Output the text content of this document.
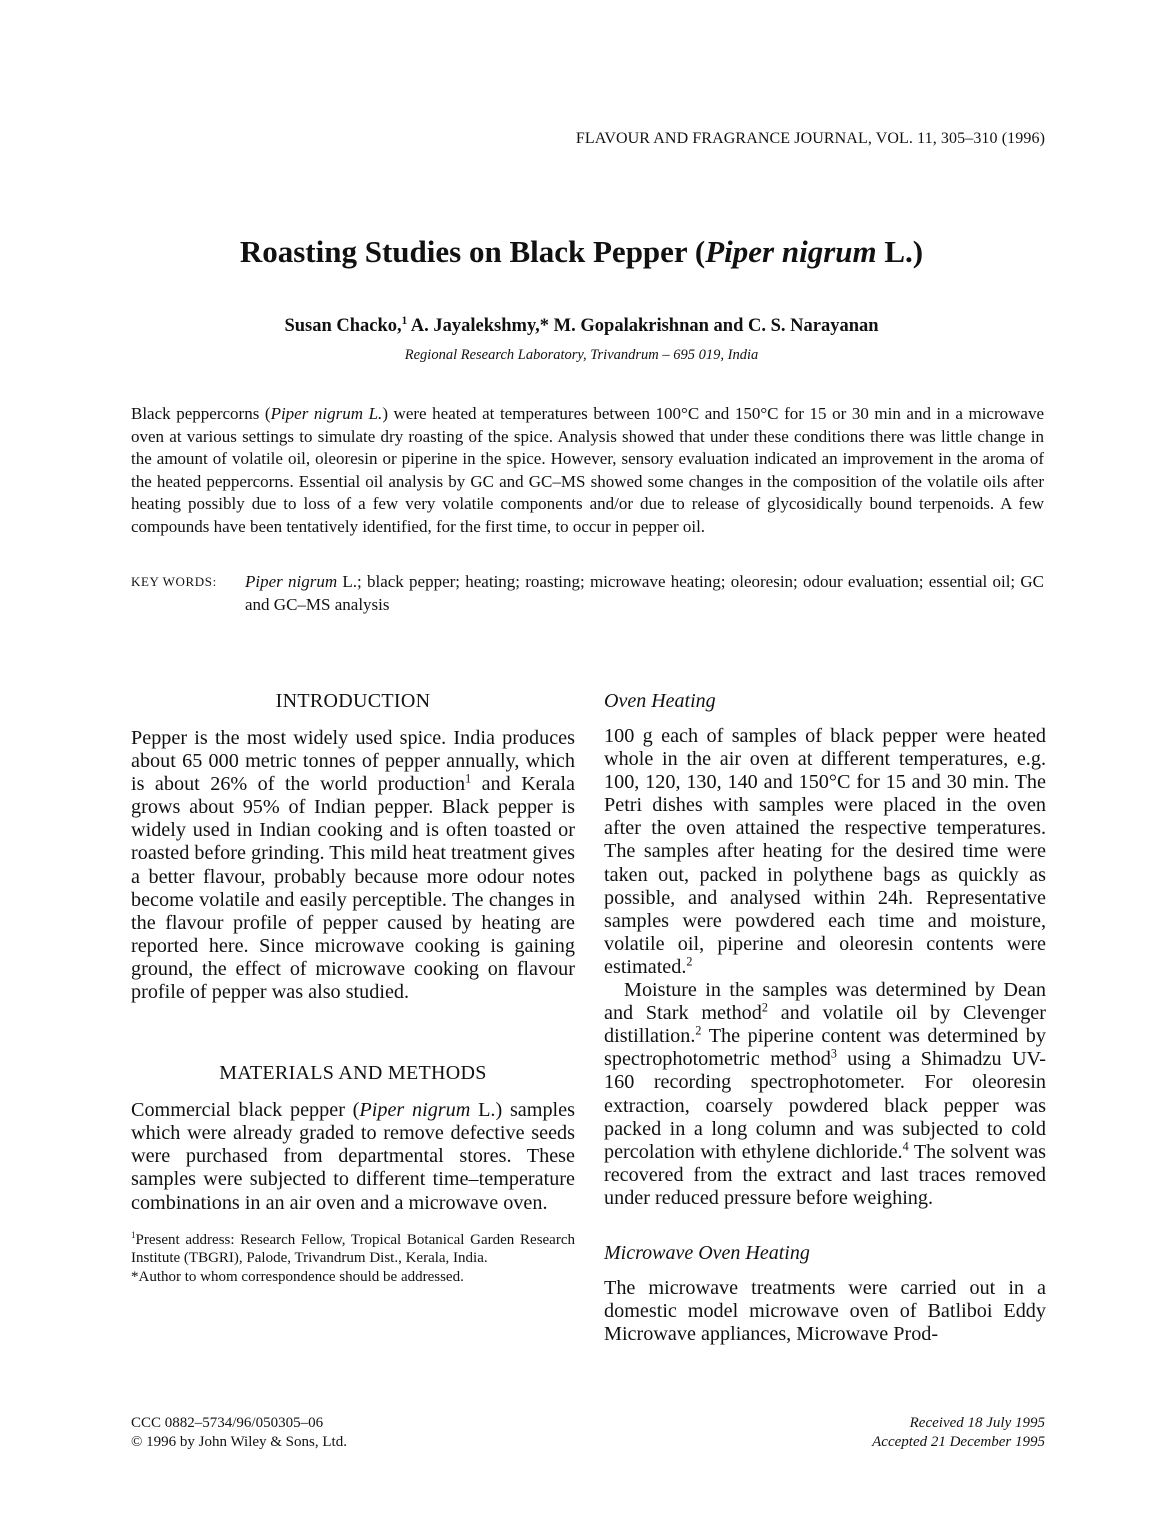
FLAVOUR AND FRAGRANCE JOURNAL, VOL. 11, 305–310 (1996)
Roasting Studies on Black Pepper (Piper nigrum L.)
Susan Chacko,$^1$ A. Jayalekshmy,* M. Gopalakrishnan and C. S. Narayanan
Regional Research Laboratory, Trivandrum – 695 019, India

Black peppercorns (Piper nigrum L.) were heated at temperatures between 100°C and 150°C for 15 or 30 min and in a microwave oven at various settings to simulate dry roasting of the spice. Analysis showed that under these conditions there was little change in the amount of volatile oil, oleoresin or piperine in the spice. However, sensory evaluation indicated an improvement in the aroma of the heated peppercorns. Essential oil analysis by GC and GC–MS showed some changes in the composition of the volatile oils after heating possibly due to loss of a few very volatile components and/or due to release of glycosidically bound terpenoids. A few compounds have been tentatively identified, for the first time, to occur in pepper oil.

KEY WORDS: Piper nigrum L.; black pepper; heating; roasting; microwave heating; oleoresin; odour evaluation; essential oil; GC and GC–MS analysis

INTRODUCTION

Pepper is the most widely used spice. India produces about 65 000 metric tonnes of pepper annually, which is about 26% of the world production$^1$ and Kerala grows about 95% of Indian pepper. Black pepper is widely used in Indian cooking and is often toasted or roasted before grinding. This mild heat treatment gives a better flavour, probably because more odour notes become volatile and easily perceptible. The changes in the flavour profile of pepper caused by heating are reported here. Since microwave cooking is gaining ground, the effect of microwave cooking on flavour profile of pepper was also studied.

MATERIALS AND METHODS

Commercial black pepper (Piper nigrum L.) samples which were already graded to remove defective seeds were purchased from departmental stores. These samples were subjected to different time–temperature combinations in an air oven and a microwave oven.

$^1$Present address: Research Fellow, Tropical Botanical Garden Research Institute (TBGRI), Palode, Trivandrum Dist., Kerala, India.

*Author to whom correspondence should be addressed.

Oven Heating

100 g each of samples of black pepper were heated whole in the air oven at different temperatures, e.g. 100, 120, 130, 140 and 150°C for 15 and 30 min. The Petri dishes with samples were placed in the oven after the oven attained the respective temperatures. The samples after heating for the desired time were taken out, packed in polythene bags as quickly as possible, and analysed within 24h. Representative samples were powdered each time and moisture, volatile oil, piperine and oleoresin contents were estimated.$^2$

Moisture in the samples was determined by Dean and Stark method$^2$ and volatile oil by Clevenger distillation.$^2$ The piperine content was determined by spectrophotometric method$^3$ using a Shimadzu UV-160 recording spectrophotometer. For oleoresin extraction, coarsely powdered black pepper was packed in a long column and was subjected to cold percolation with ethylene dichloride.$^4$ The solvent was recovered from the extract and last traces removed under reduced pressure before weighing.

Microwave Oven Heating

The microwave treatments were carried out in a domestic model microwave oven of Batliboi Eddy Microwave appliances, Microwave Prod-

CCC 0882–5734/96/050305–06
© 1996 by John Wiley & Sons, Ltd.
Received 18 July 1995
Accepted 21 December 1995
